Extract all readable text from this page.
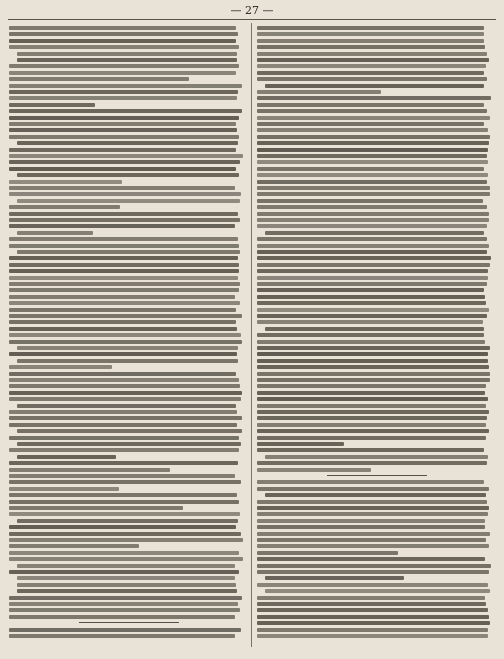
— 27 —
